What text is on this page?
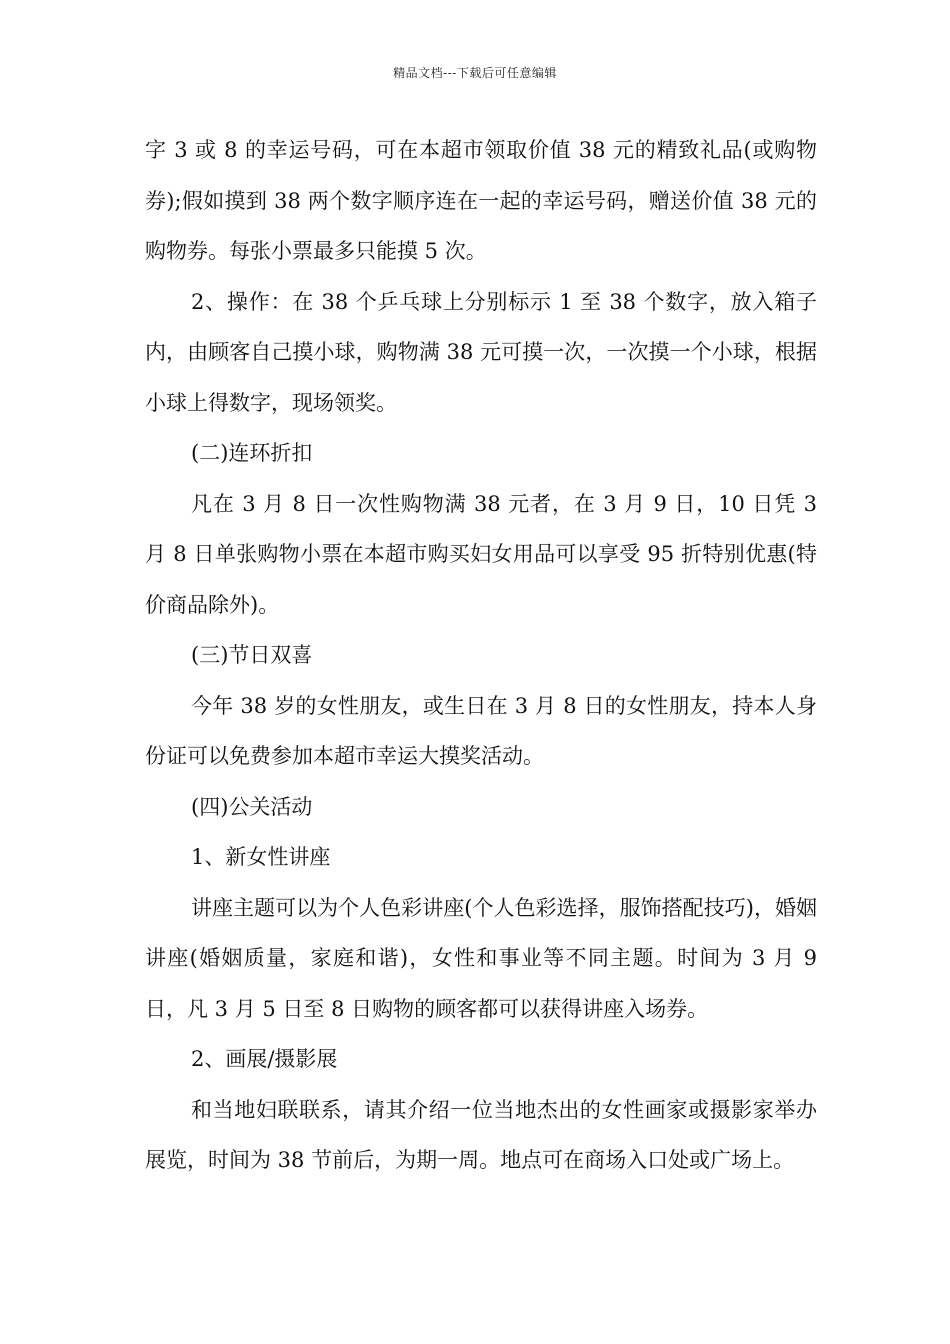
精品文档---下载后可任意编辑

字 3 或 8 的幸运号码，可在本超市领取价值 38 元的精致礼品(或购物券);假如摸到 38 两个数字顺序连在一起的幸运号码，赠送价值 38 元的购物券。每张小票最多只能摸 5 次。

2、操作：在 38 个乒乓球上分别标示 1 至 38 个数字，放入箱子内，由顾客自己摸小球，购物满 38 元可摸一次，一次摸一个小球，根据小球上得数字，现场领奖。

(二)连环折扣

凡在 3 月 8 日一次性购物满 38 元者，在 3 月 9 日，10 日凭 3 月 8 日单张购物小票在本超市购买妇女用品可以享受 95 折特别优惠(特价商品除外)。

(三)节日双喜

今年 38 岁的女性朋友，或生日在 3 月 8 日的女性朋友，持本人身份证可以免费参加本超市幸运大摸奖活动。

(四)公关活动

1、新女性讲座

讲座主题可以为个人色彩讲座(个人色彩选择，服饰搭配技巧)，婚姻讲座(婚姻质量，家庭和谐)，女性和事业等不同主题。时间为 3 月 9 日，凡 3 月 5 日至 8 日购物的顾客都可以获得讲座入场券。

2、画展/摄影展

和当地妇联联系，请其介绍一位当地杰出的女性画家或摄影家举办展览，时间为 38 节前后，为期一周。地点可在商场入口处或广场上。
